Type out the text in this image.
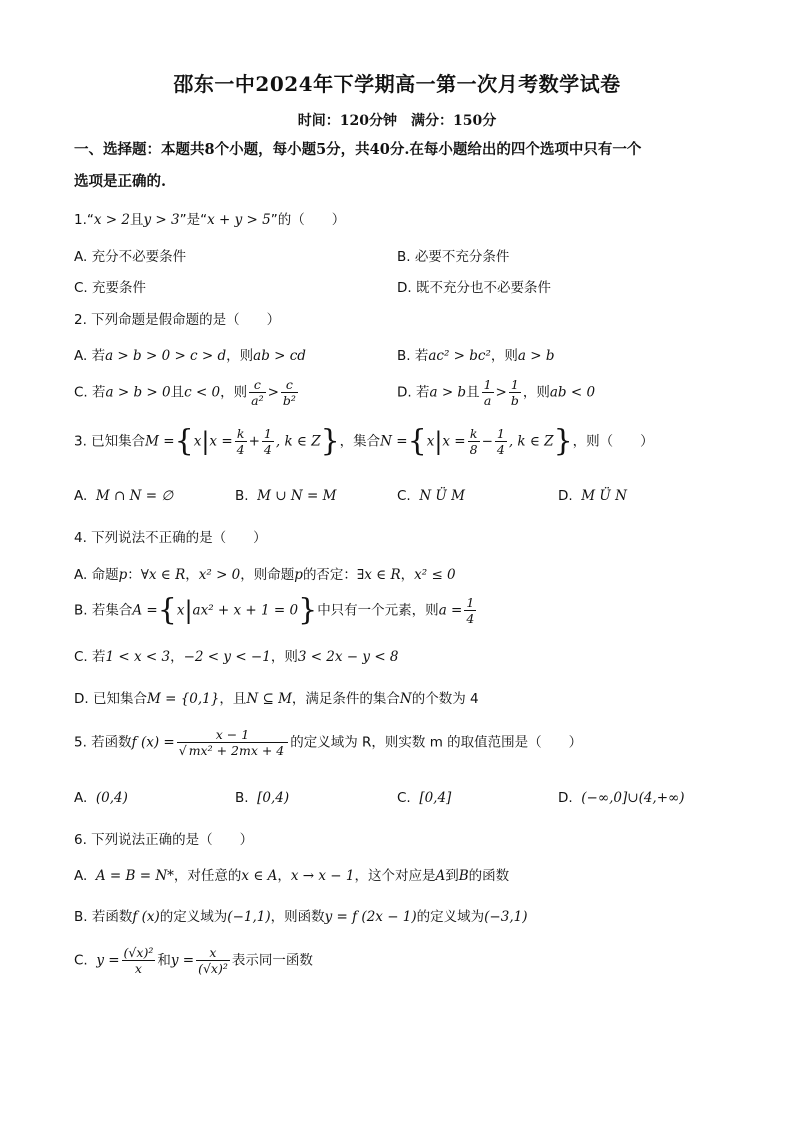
邵东一中2024年下学期高一第一次月考数学试卷
时间：120分钟　满分：150分
一、选择题：本题共8个小题，每小题5分，共40分.在每小题给出的四个选项中只有一个
选项是正确的.
1.“x > 2且y > 3”是“x + y > 5”的（　　）
A. 充分不必要条件	B. 必要不充分条件
C. 充要条件	D. 既不充分也不必要条件
2. 下列命题是假命题的是（　　）
A. 若a > b > 0 > c > d，则ab > cd	B. 若ac² > bc²，则a > b
C. 若a > b > 0且c < 0，则 $\frac{c}{\text{a²}} > \frac{c}{\text{b²}}$	D. 若a > b且 $\frac{1}{a} > \frac{1}{b}$ ，则ab < 0
3. 已知集合$M =\{x|x = \frac{k}{4} + \frac{1}{4}$ , k ∈ Z}，集合$N =\{x|x = \frac{k}{8} - \frac{1}{4}$ , k ∈ Z}，则（　　）
A. M ∩ N = ∅	B. M ∪ N = M	C. N Ü M	D. M Ü N
4. 下列说法不正确的是（　　）
A. 命题p：∀x ∈ R，x² > 0，则命题p的否定：∃x ∈ R，x² ≤ 0
B. 若集合A ={x|ax² + x + 1 = 0}中只有一个元素，则$a = \frac{1}{4}$
C. 若1 < x < 3，−2 < y < −1，则3 < 2x − y < 8
D. 已知集合M = {0,1}，且N ⊆ M，满足条件的集合N的个数为 4
5. 若函数f $(x) = \frac{x - 1}{\text{√ mx² + 2mx + 4}}$ 的定义域为 R，则实数 m 的取值范围是（　　）
A. (0,4)	B. [0,4)	C. [0,4]	D. (−∞,0]∪(4,+∞)
6. 下列说法正确的是（　　）
A. A = B = N*，对任意的x ∈ A，x → x − 1，这个对应是A到B的函数
B. 若函数f (x)的定义域为(−1,1)，则函数y = f (2x − 1)的定义域为(−3,1)
C. $y = \frac{\text{(√x)²}}{x}$ 和$y = \frac{x}{\text{(√x)²}}$ 表示同一函数
